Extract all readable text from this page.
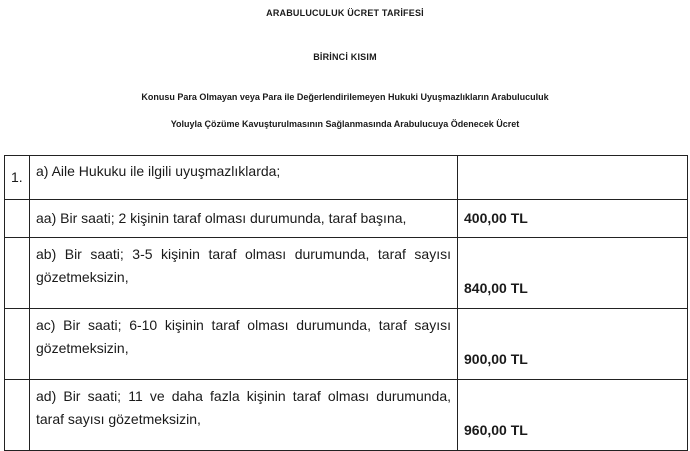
ARABULUCULUK ÜCRET TARİFESİ
BİRİNCİ KISIM
Konusu Para Olmayan veya Para ile Değerlendirilemeyen Hukuki Uyuşmazlıkların Arabuluculuk
Yoluyla Çözüme Kavuşturulmasının Sağlanmasında Arabulucuya Ödenecek Ücret
1.	a) Aile Hukuku ile ilgili uyuşmazlıklarda;	

	aa) Bir saati; 2 kişinin taraf olması durumunda, taraf başına,	400,00 TL

	ab) Bir saati; 3-5 kişinin taraf olması durumunda, taraf sayısı
gözetmeksizin,	840,00 TL

	ac) Bir saati; 6-10 kişinin taraf olması durumunda, taraf sayısı
gözetmeksizin,	900,00 TL

	ad) Bir saati; 11 ve daha fazla kişinin taraf olması durumunda,
taraf sayısı gözetmeksizin,	960,00 TL
